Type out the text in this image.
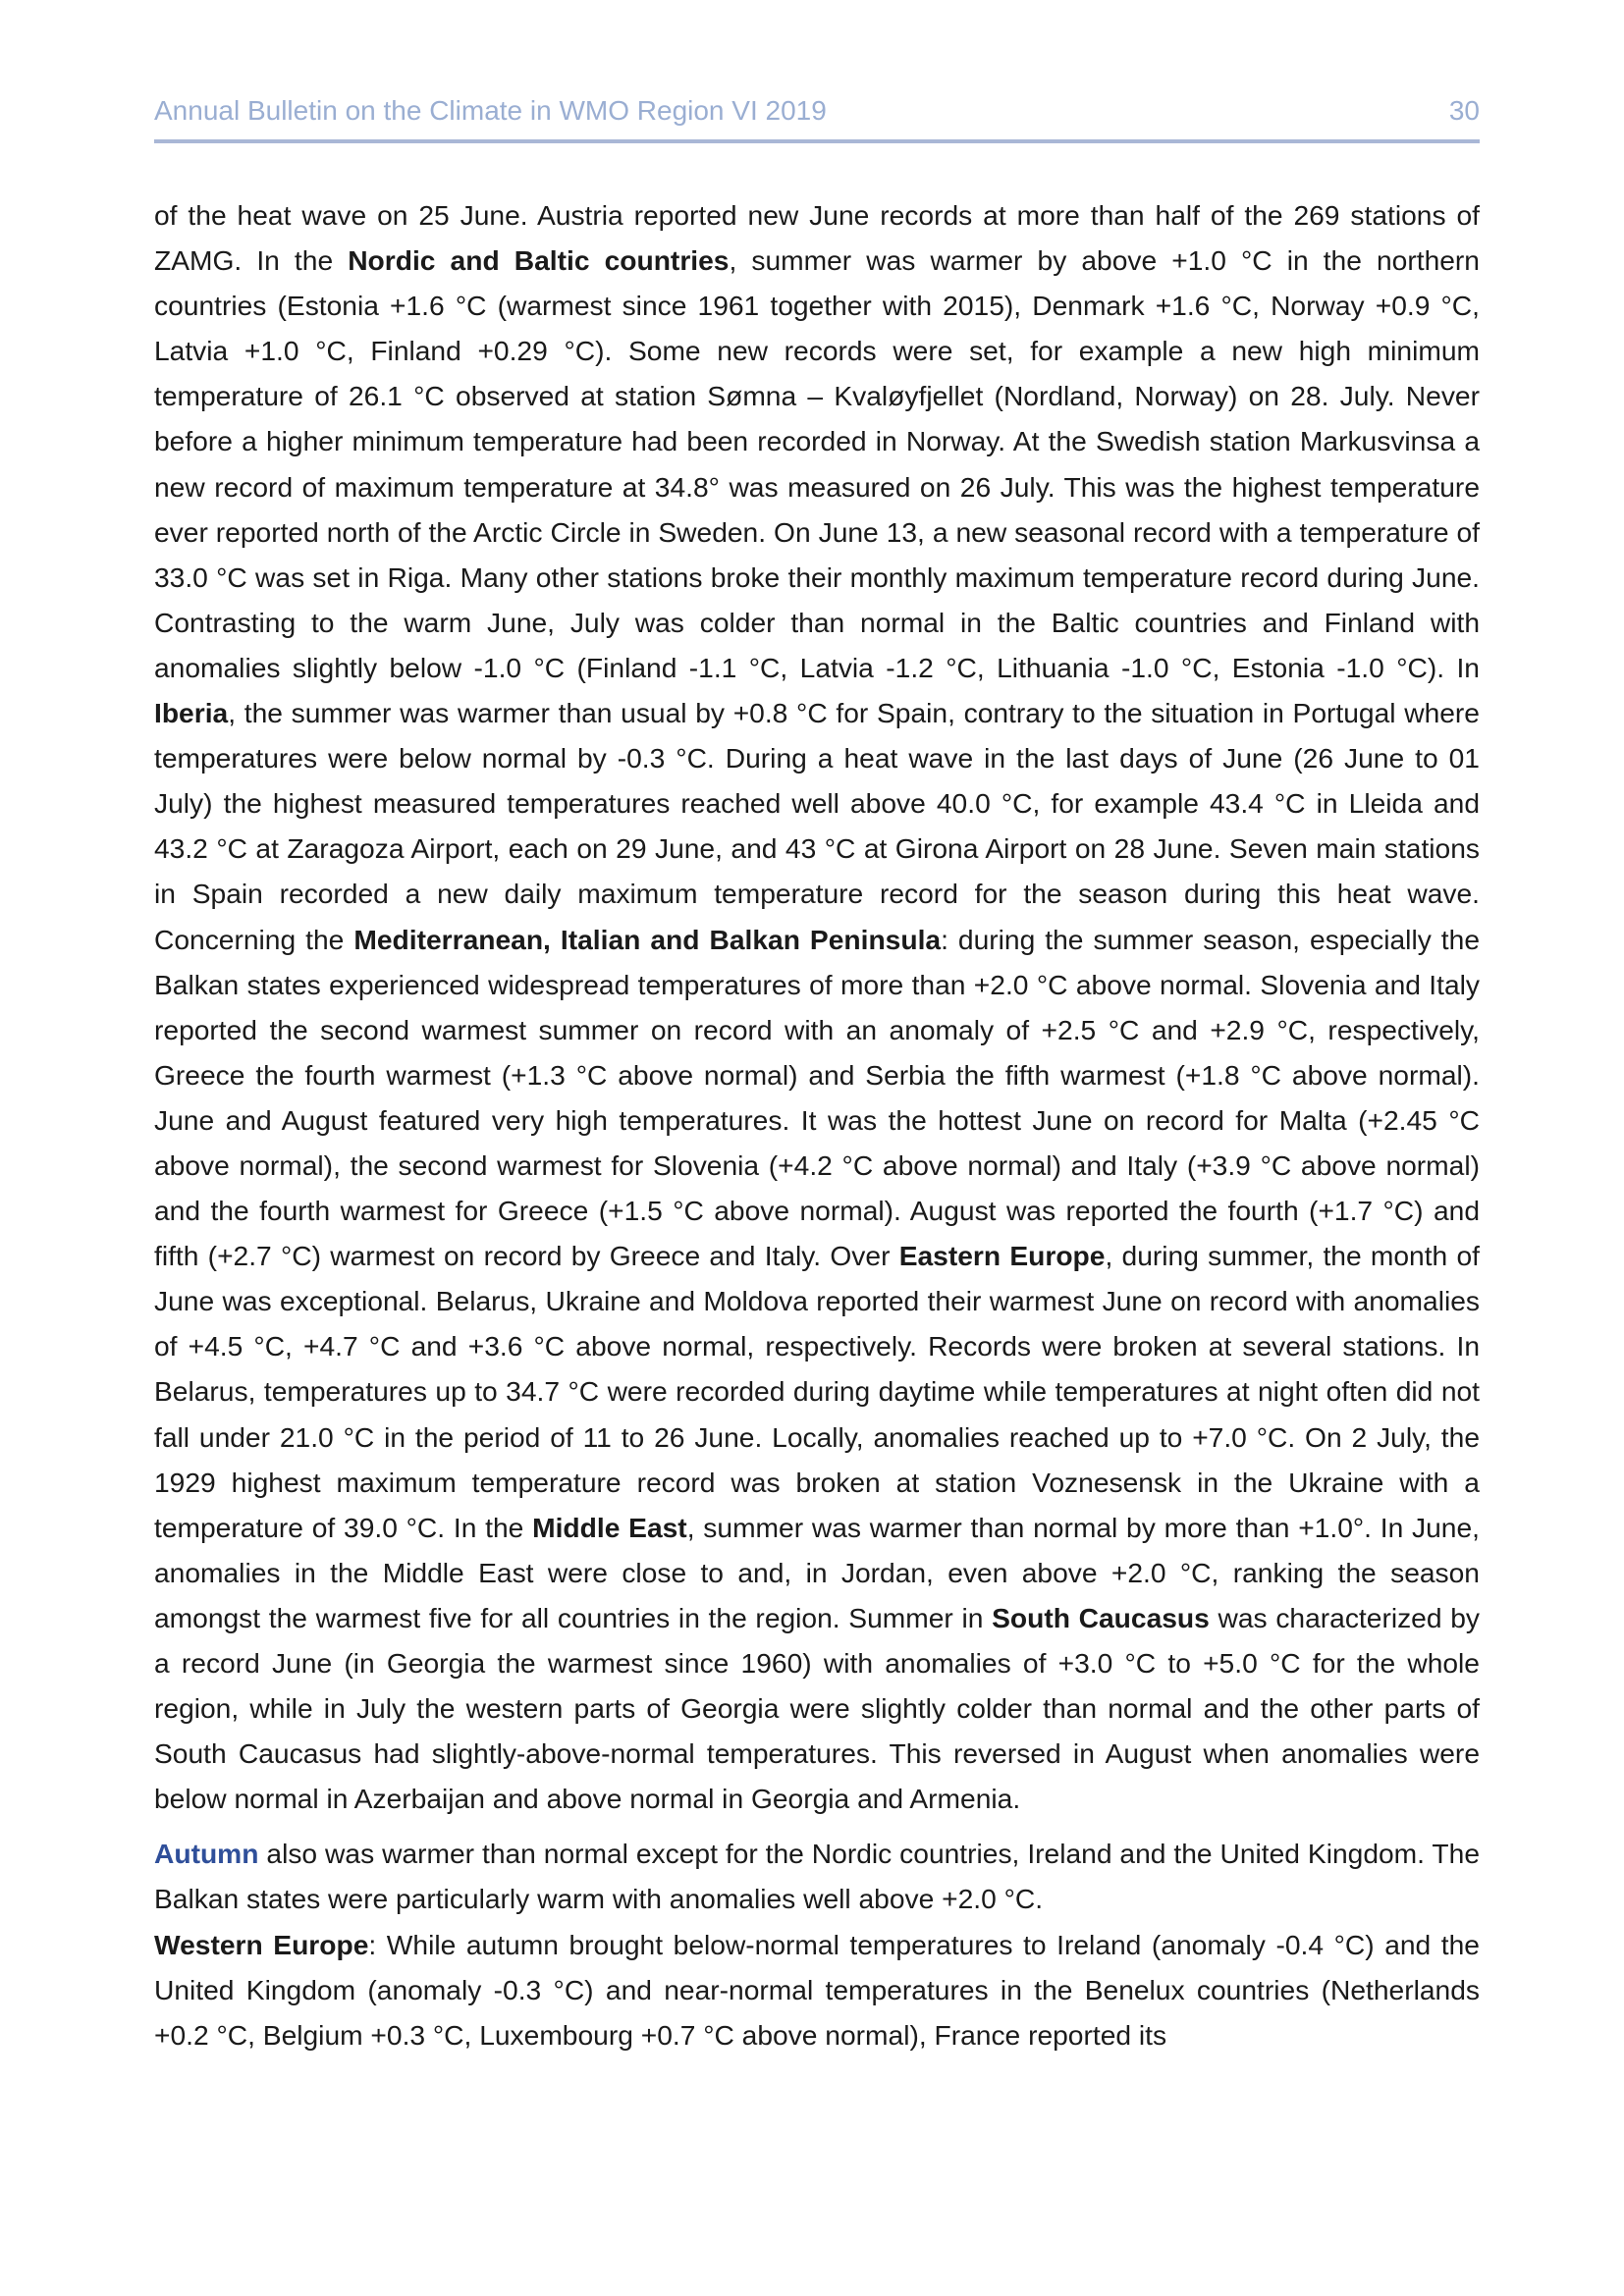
Annual Bulletin on the Climate in WMO Region VI 2019	30

of the heat wave on 25 June. Austria reported new June records at more than half of the 269 stations of ZAMG. In the Nordic and Baltic countries, summer was warmer by above +1.0 °C in the northern countries (Estonia +1.6 °C (warmest since 1961 together with 2015), Denmark +1.6 °C, Norway +0.9 °C, Latvia +1.0 °C, Finland +0.29 °C). Some new records were set, for example a new high minimum temperature of 26.1 °C observed at station Sømna – Kvaløyfjellet (Nordland, Norway) on 28. July. Never before a higher minimum temperature had been recorded in Norway. At the Swedish station Markusvinsa a new record of maximum temperature at 34.8° was measured on 26 July. This was the highest temperature ever reported north of the Arctic Circle in Sweden. On June 13, a new seasonal record with a temperature of 33.0 °C was set in Riga. Many other stations broke their monthly maximum temperature record during June. Contrasting to the warm June, July was colder than normal in the Baltic countries and Finland with anomalies slightly below -1.0 °C (Finland -1.1 °C, Latvia -1.2 °C, Lithuania -1.0 °C, Estonia -1.0 °C). In Iberia, the summer was warmer than usual by +0.8 °C for Spain, contrary to the situation in Portugal where temperatures were below normal by -0.3 °C. During a heat wave in the last days of June (26 June to 01 July) the highest measured temperatures reached well above 40.0 °C, for example 43.4 °C in Lleida and 43.2 °C at Zaragoza Airport, each on 29 June, and 43 °C at Girona Airport on 28 June. Seven main stations in Spain recorded a new daily maximum temperature record for the season during this heat wave. Concerning the Mediterranean, Italian and Balkan Peninsula: during the summer season, especially the Balkan states experienced widespread temperatures of more than +2.0 °C above normal. Slovenia and Italy reported the second warmest summer on record with an anomaly of +2.5 °C and +2.9 °C, respectively, Greece the fourth warmest (+1.3 °C above normal) and Serbia the fifth warmest (+1.8 °C above normal). June and August featured very high temperatures. It was the hottest June on record for Malta (+2.45 °C above normal), the second warmest for Slovenia (+4.2 °C above normal) and Italy (+3.9 °C above normal) and the fourth warmest for Greece (+1.5 °C above normal). August was reported the fourth (+1.7 °C) and fifth (+2.7 °C) warmest on record by Greece and Italy. Over Eastern Europe, during summer, the month of June was exceptional. Belarus, Ukraine and Moldova reported their warmest June on record with anomalies of +4.5 °C, +4.7 °C and +3.6 °C above normal, respectively. Records were broken at several stations. In Belarus, temperatures up to 34.7 °C were recorded during daytime while temperatures at night often did not fall under 21.0 °C in the period of 11 to 26 June. Locally, anomalies reached up to +7.0 °C. On 2 July, the 1929 highest maximum temperature record was broken at station Voznesensk in the Ukraine with a temperature of 39.0 °C. In the Middle East, summer was warmer than normal by more than +1.0°. In June, anomalies in the Middle East were close to and, in Jordan, even above +2.0 °C, ranking the season amongst the warmest five for all countries in the region. Summer in South Caucasus was characterized by a record June (in Georgia the warmest since 1960) with anomalies of +3.0 °C to +5.0 °C for the whole region, while in July the western parts of Georgia were slightly colder than normal and the other parts of South Caucasus had slightly-above-normal temperatures. This reversed in August when anomalies were below normal in Azerbaijan and above normal in Georgia and Armenia.

Autumn also was warmer than normal except for the Nordic countries, Ireland and the United Kingdom. The Balkan states were particularly warm with anomalies well above +2.0 °C.

Western Europe: While autumn brought below-normal temperatures to Ireland (anomaly -0.4 °C) and the United Kingdom (anomaly -0.3 °C) and near-normal temperatures in the Benelux countries (Netherlands +0.2 °C, Belgium +0.3 °C, Luxembourg +0.7 °C above normal), France reported its
